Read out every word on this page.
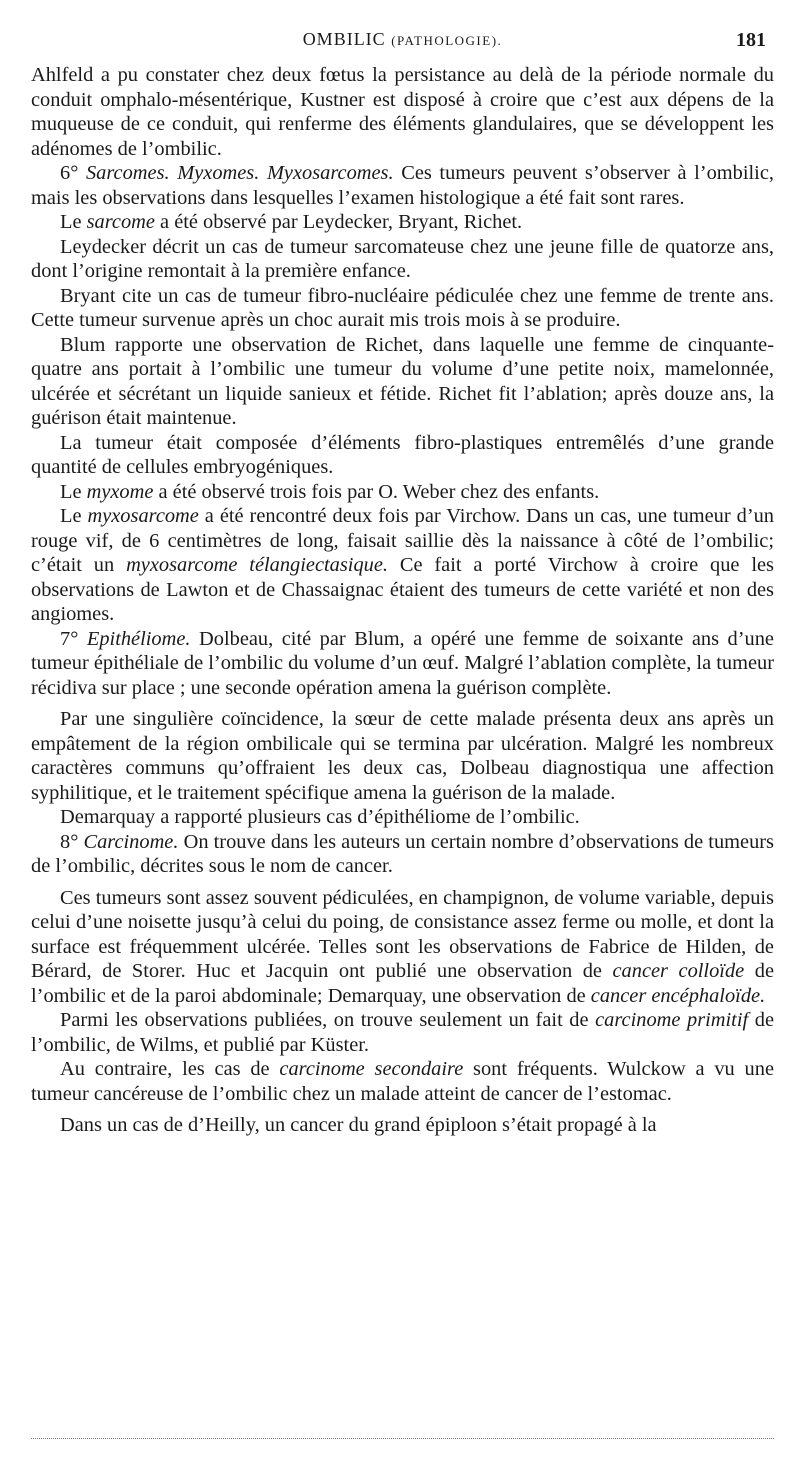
OMBILIC (PATHOLOGIE).	181

Ahlfeld a pu constater chez deux fœtus la persistance au delà de la période normale du conduit omphalo-mésentérique, Kustner est disposé à croire que c’est aux dépens de la muqueuse de ce conduit, qui renferme des éléments glandulaires, que se développent les adénomes de l’ombilic.

6° Sarcomes. Myxomes. Myxosarcomes. Ces tumeurs peuvent s’observer à l’ombilic, mais les observations dans lesquelles l’examen histologique a été fait sont rares.

Le sarcome a été observé par Leydecker, Bryant, Richet.

Leydecker décrit un cas de tumeur sarcomateuse chez une jeune fille de quatorze ans, dont l’origine remontait à la première enfance.

Bryant cite un cas de tumeur fibro-nucléaire pédiculée chez une femme de trente ans. Cette tumeur survenue après un choc aurait mis trois mois à se produire.

Blum rapporte une observation de Richet, dans laquelle une femme de cinquante-quatre ans portait à l’ombilic une tumeur du volume d’une petite noix, mamelonnée, ulcérée et sécrétant un liquide sanieux et fétide. Richet fit l’ablation; après douze ans, la guérison était maintenue.

La tumeur était composée d’éléments fibro-plastiques entremêlés d’une grande quantité de cellules embryogéniques.

Le myxome a été observé trois fois par O. Weber chez des enfants.

Le myxosarcome a été rencontré deux fois par Virchow. Dans un cas, une tumeur d’un rouge vif, de 6 centimètres de long, faisait saillie dès la naissance à côté de l’ombilic; c’était un myxosarcome télangiectasique. Ce fait a porté Virchow à croire que les observations de Lawton et de Chassaignac étaient des tumeurs de cette variété et non des angiomes.

7° Epithéliome. Dolbeau, cité par Blum, a opéré une femme de soixante ans d’une tumeur épithéliale de l’ombilic du volume d’un œuf. Malgré l’ablation complète, la tumeur récidiva sur place ; une seconde opération amena la guérison complète.

Par une singulière coïncidence, la sœur de cette malade présenta deux ans après un empâtement de la région ombilicale qui se termina par ulcération. Malgré les nombreux caractères communs qu’offraient les deux cas, Dolbeau diagnostiqua une affection syphilitique, et le traitement spécifique amena la guérison de la malade.

Demarquay a rapporté plusieurs cas d’épithéliome de l’ombilic.

8° Carcinome. On trouve dans les auteurs un certain nombre d’observations de tumeurs de l’ombilic, décrites sous le nom de cancer.

Ces tumeurs sont assez souvent pédiculées, en champignon, de volume variable, depuis celui d’une noisette jusqu’à celui du poing, de consistance assez ferme ou molle, et dont la surface est fréquemment ulcérée. Telles sont les observations de Fabrice de Hilden, de Bérard, de Storer. Huc et Jacquin ont publié une observation de cancer colloïde de l’ombilic et de la paroi abdominale; Demarquay, une observation de cancer encéphaloïde.

Parmi les observations publiées, on trouve seulement un fait de carcinome primitif de l’ombilic, de Wilms, et publié par Küster.

Au contraire, les cas de carcinome secondaire sont fréquents. Wulckow a vu une tumeur cancéreuse de l’ombilic chez un malade atteint de cancer de l’estomac.

Dans un cas de d’Heilly, un cancer du grand épiploon s’était propagé à la
